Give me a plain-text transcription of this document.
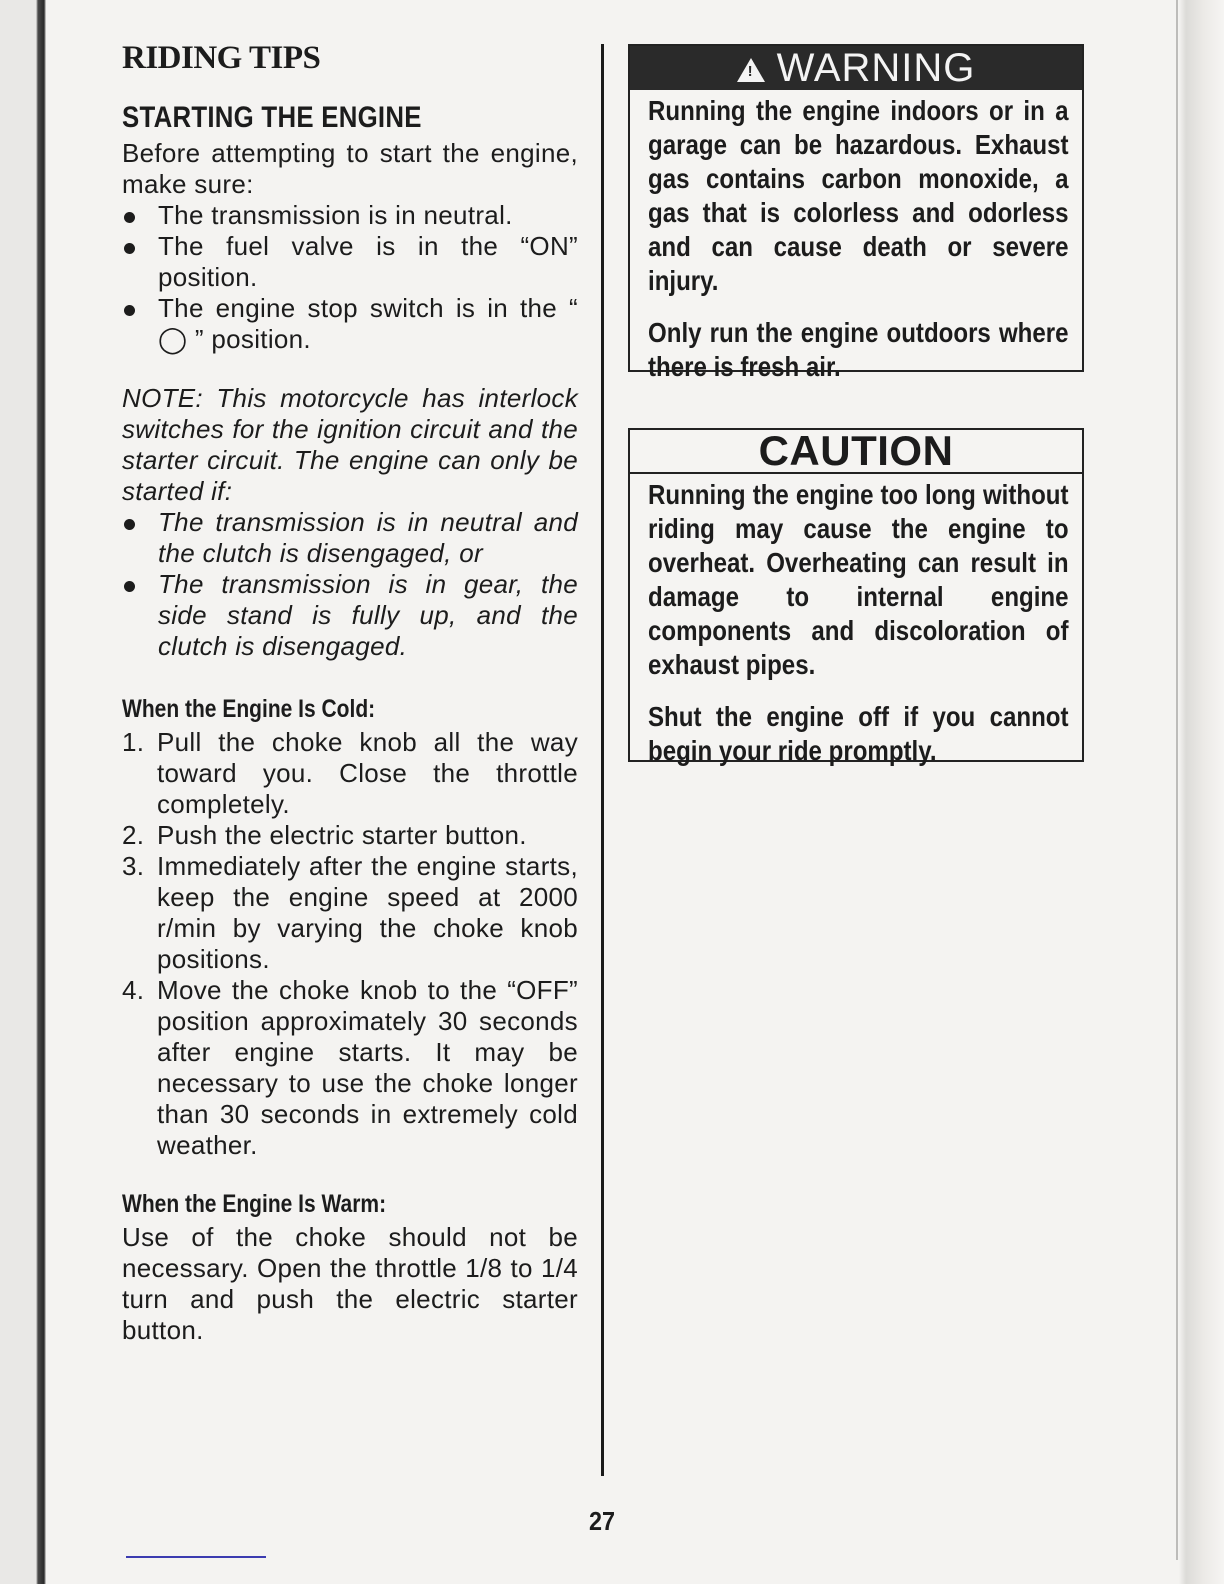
RIDING TIPS
STARTING THE ENGINE

Before attempting to start the engine, make sure:

The transmission is in neutral.
The fuel valve is in the “ON” position.
The engine stop switch is in the “ ◯ ” position.

NOTE: This motorcycle has interlock switches for the ignition circuit and the starter circuit. The engine can only be started if:

The transmission is in neutral and the clutch is disengaged, or
The transmission is in gear, the side stand is fully up, and the clutch is disengaged.
When the Engine Is Cold:
1. Pull the choke knob all the way toward you. Close the throttle completely.
2. Push the electric starter button.
3. Immediately after the engine starts, keep the engine speed at 2000 r/min by varying the choke knob positions.
4. Move the choke knob to the “OFF” position approximately 30 seconds after engine starts. It may be necessary to use the choke longer than 30 seconds in extremely cold weather.
When the Engine Is Warm:

Use of the choke should not be necessary. Open the throttle 1/8 to 1/4 turn and push the electric starter button.

! WARNING

Running the engine indoors or in a garage can be hazardous. Exhaust gas contains carbon monoxide, a gas that is colorless and odorless and can cause death or severe injury.

Only run the engine outdoors where there is fresh air.

CAUTION

Running the engine too long without riding may cause the engine to overheat. Overheating can result in damage to internal engine components and discoloration of exhaust pipes.

Shut the engine off if you cannot begin your ride promptly.

27
